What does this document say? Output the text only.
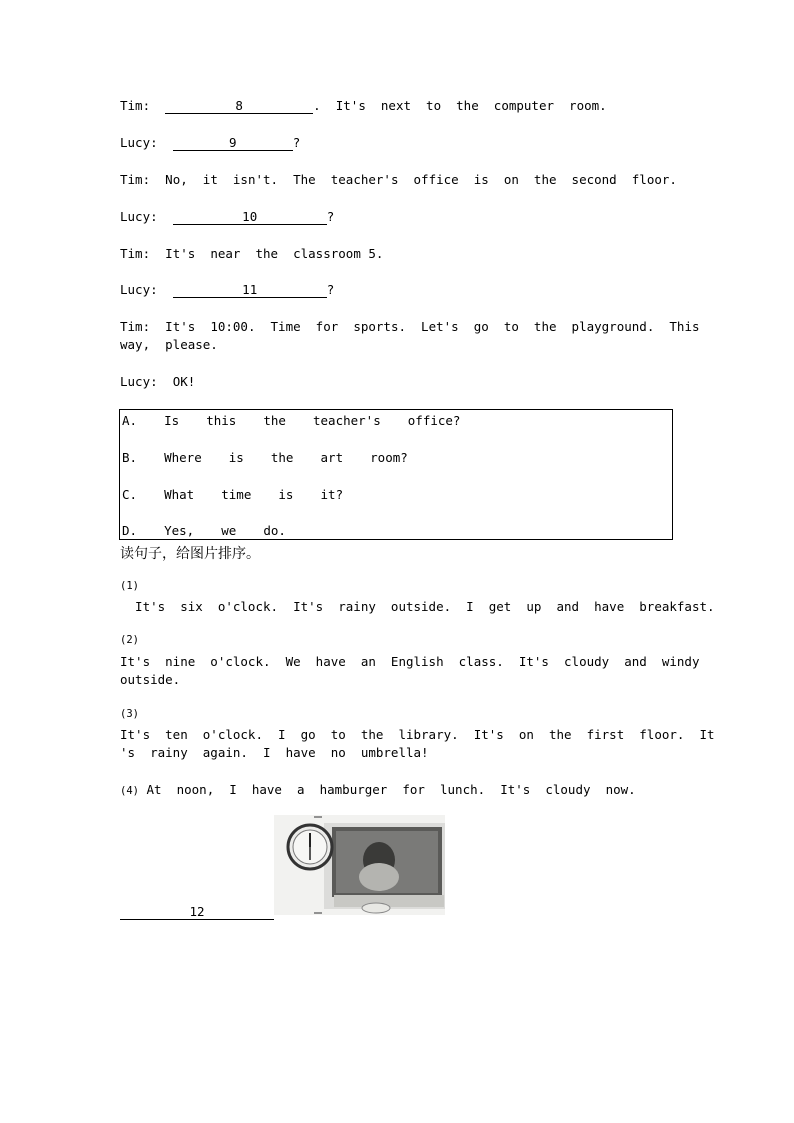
Tim:	8	.  It's  next  to  the  computer  room.
Lucy:	9	?
Tim: No,  it  isn't.  The  teacher's  office  is  on  the  second  floor.
Lucy:	10	?
Tim: It's  near  the  classroom 5.
Lucy:	11	?
Tim: It's  10:00.  Time  for  sports.  Let's  go  to  the  playground.  This
way,  please.
Lucy: OK!
A.  Is  this  the  teacher's  office?
B.  Where  is  the  art  room?
C.  What  time  is  it?
D.  Yes,  we  do.
读句子，给图片排序。
(1)
It's  six  o'clock.  It's  rainy  outside.  I  get  up  and  have  breakfast.
(2)
It's  nine  o'clock.  We  have  an  English  class.  It's  cloudy  and  windy
outside.
(3)
It's  ten  o'clock.  I  go  to  the  library.  It's  on  the  first  floor.  It
's  rainy  again.  I  have  no  umbrella!
(4) At  noon,  I  have  a  hamburger  for  lunch.  It's  cloudy  now.
12
